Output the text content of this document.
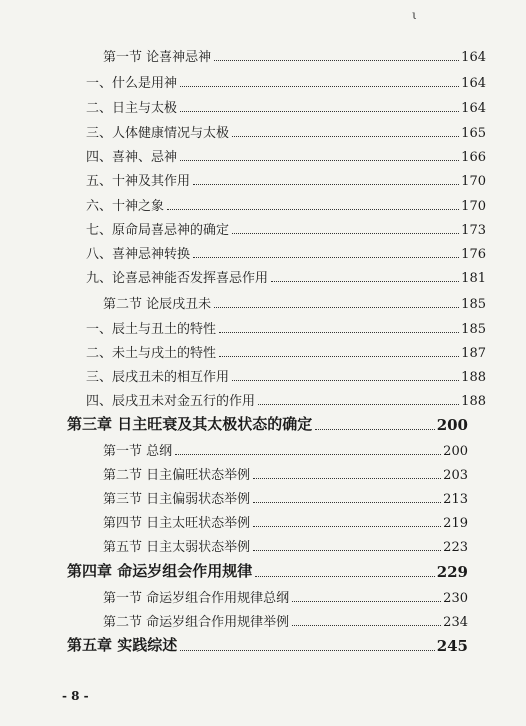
ι
第一节 论喜神忌神	164
一、什么是用神	164
二、日主与太极	164
三、人体健康情况与太极	165
四、喜神、忌神	166
五、十神及其作用	170
六、十神之象	170
七、原命局喜忌神的确定	173
八、喜神忌神转换	176
九、论喜忌神能否发挥喜忌作用	181
第二节 论辰戌丑未	185
一、辰土与丑土的特性	185
二、未土与戌土的特性	187
三、辰戌丑未的相互作用	188
四、辰戌丑未对金五行的作用	188
第三章 日主旺衰及其太极状态的确定	200
第一节 总纲	200
第二节 日主偏旺状态举例	203
第三节 日主偏弱状态举例	213
第四节 日主太旺状态举例	219
第五节 日主太弱状态举例	223
第四章 命运岁组会作用规律	229
第一节 命运岁组合作用规律总纲	230
第二节 命运岁组合作用规律举例	234
第五章 实践综述	245
- 8 -
